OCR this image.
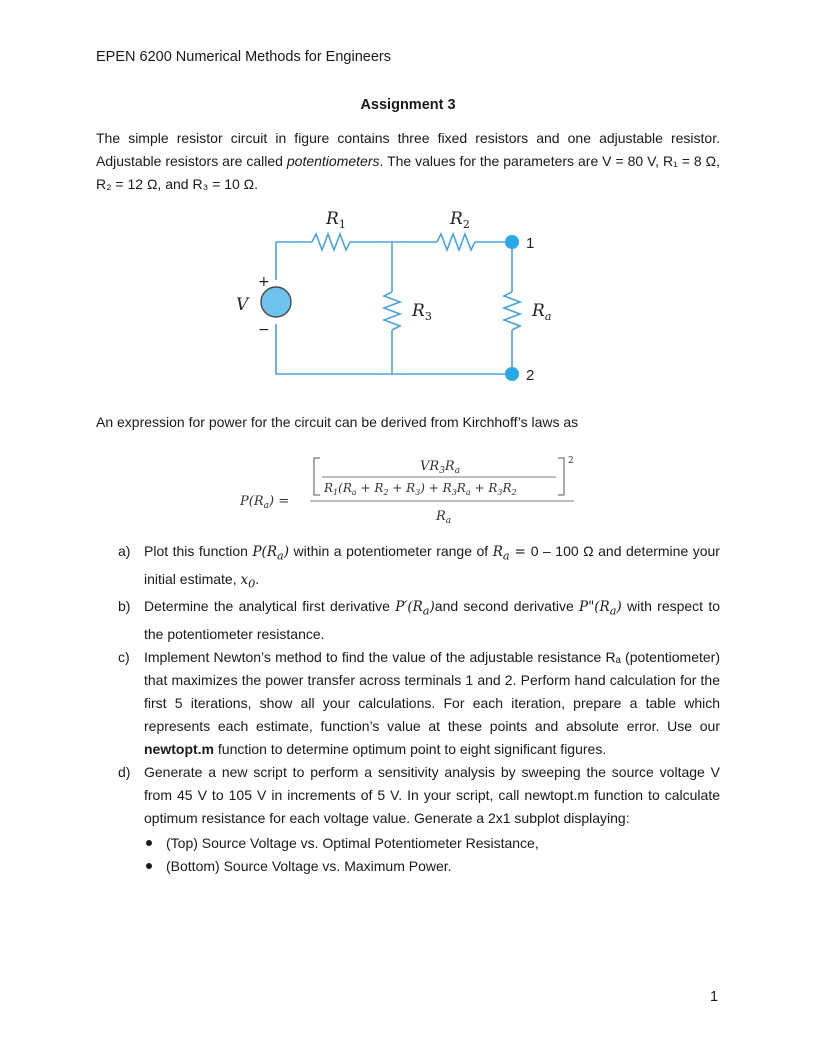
EPEN 6200 Numerical Methods for Engineers
Assignment 3
The simple resistor circuit in figure contains three fixed resistors and one adjustable resistor. Adjustable resistors are called potentiometers. The values for the parameters are V = 80 V, R₁ = 8 Ω, R₂ = 12 Ω, and R₃ = 10 Ω.
$R_1$	$R_2$
$R_3$	$R_a$
V
+
−
1
2
An expression for power for the circuit can be derived from Kirchhoff’s laws as
$P(R_a)$ =
2
$VR_3R_a$
$R_1(R_a + R_2 + R_3) + R_3R_a + R_3R_2$
$R_a$
a) Plot this function $P(R_a)$ within a potentiometer range of $R_a = 0 - 100$ Ω and determine your initial estimate, $x_0$.
b) Determine the analytical first derivative $P'(R_a)and$ second derivative $P"(R_a)$ with respect to the potentiometer resistance.
c) Implement Newton’s method to find the value of the adjustable resistance Rₐ (potentiometer) that maximizes the power transfer across terminals 1 and 2. Perform hand calculation for the first 5 iterations, show all your calculations. For each iteration, prepare a table which represents each estimate, function’s value at these points and absolute error. Use our newtopt.m function to determine optimum point to eight significant figures.
d) Generate a new script to perform a sensitivity analysis by sweeping the source voltage V from 45 V to 105 V in increments of 5 V. In your script, call newtopt.m function to calculate optimum resistance for each voltage value. Generate a 2x1 subplot displaying:
(Top) Source Voltage vs. Optimal Potentiometer Resistance,
(Bottom) Source Voltage vs. Maximum Power.
1
